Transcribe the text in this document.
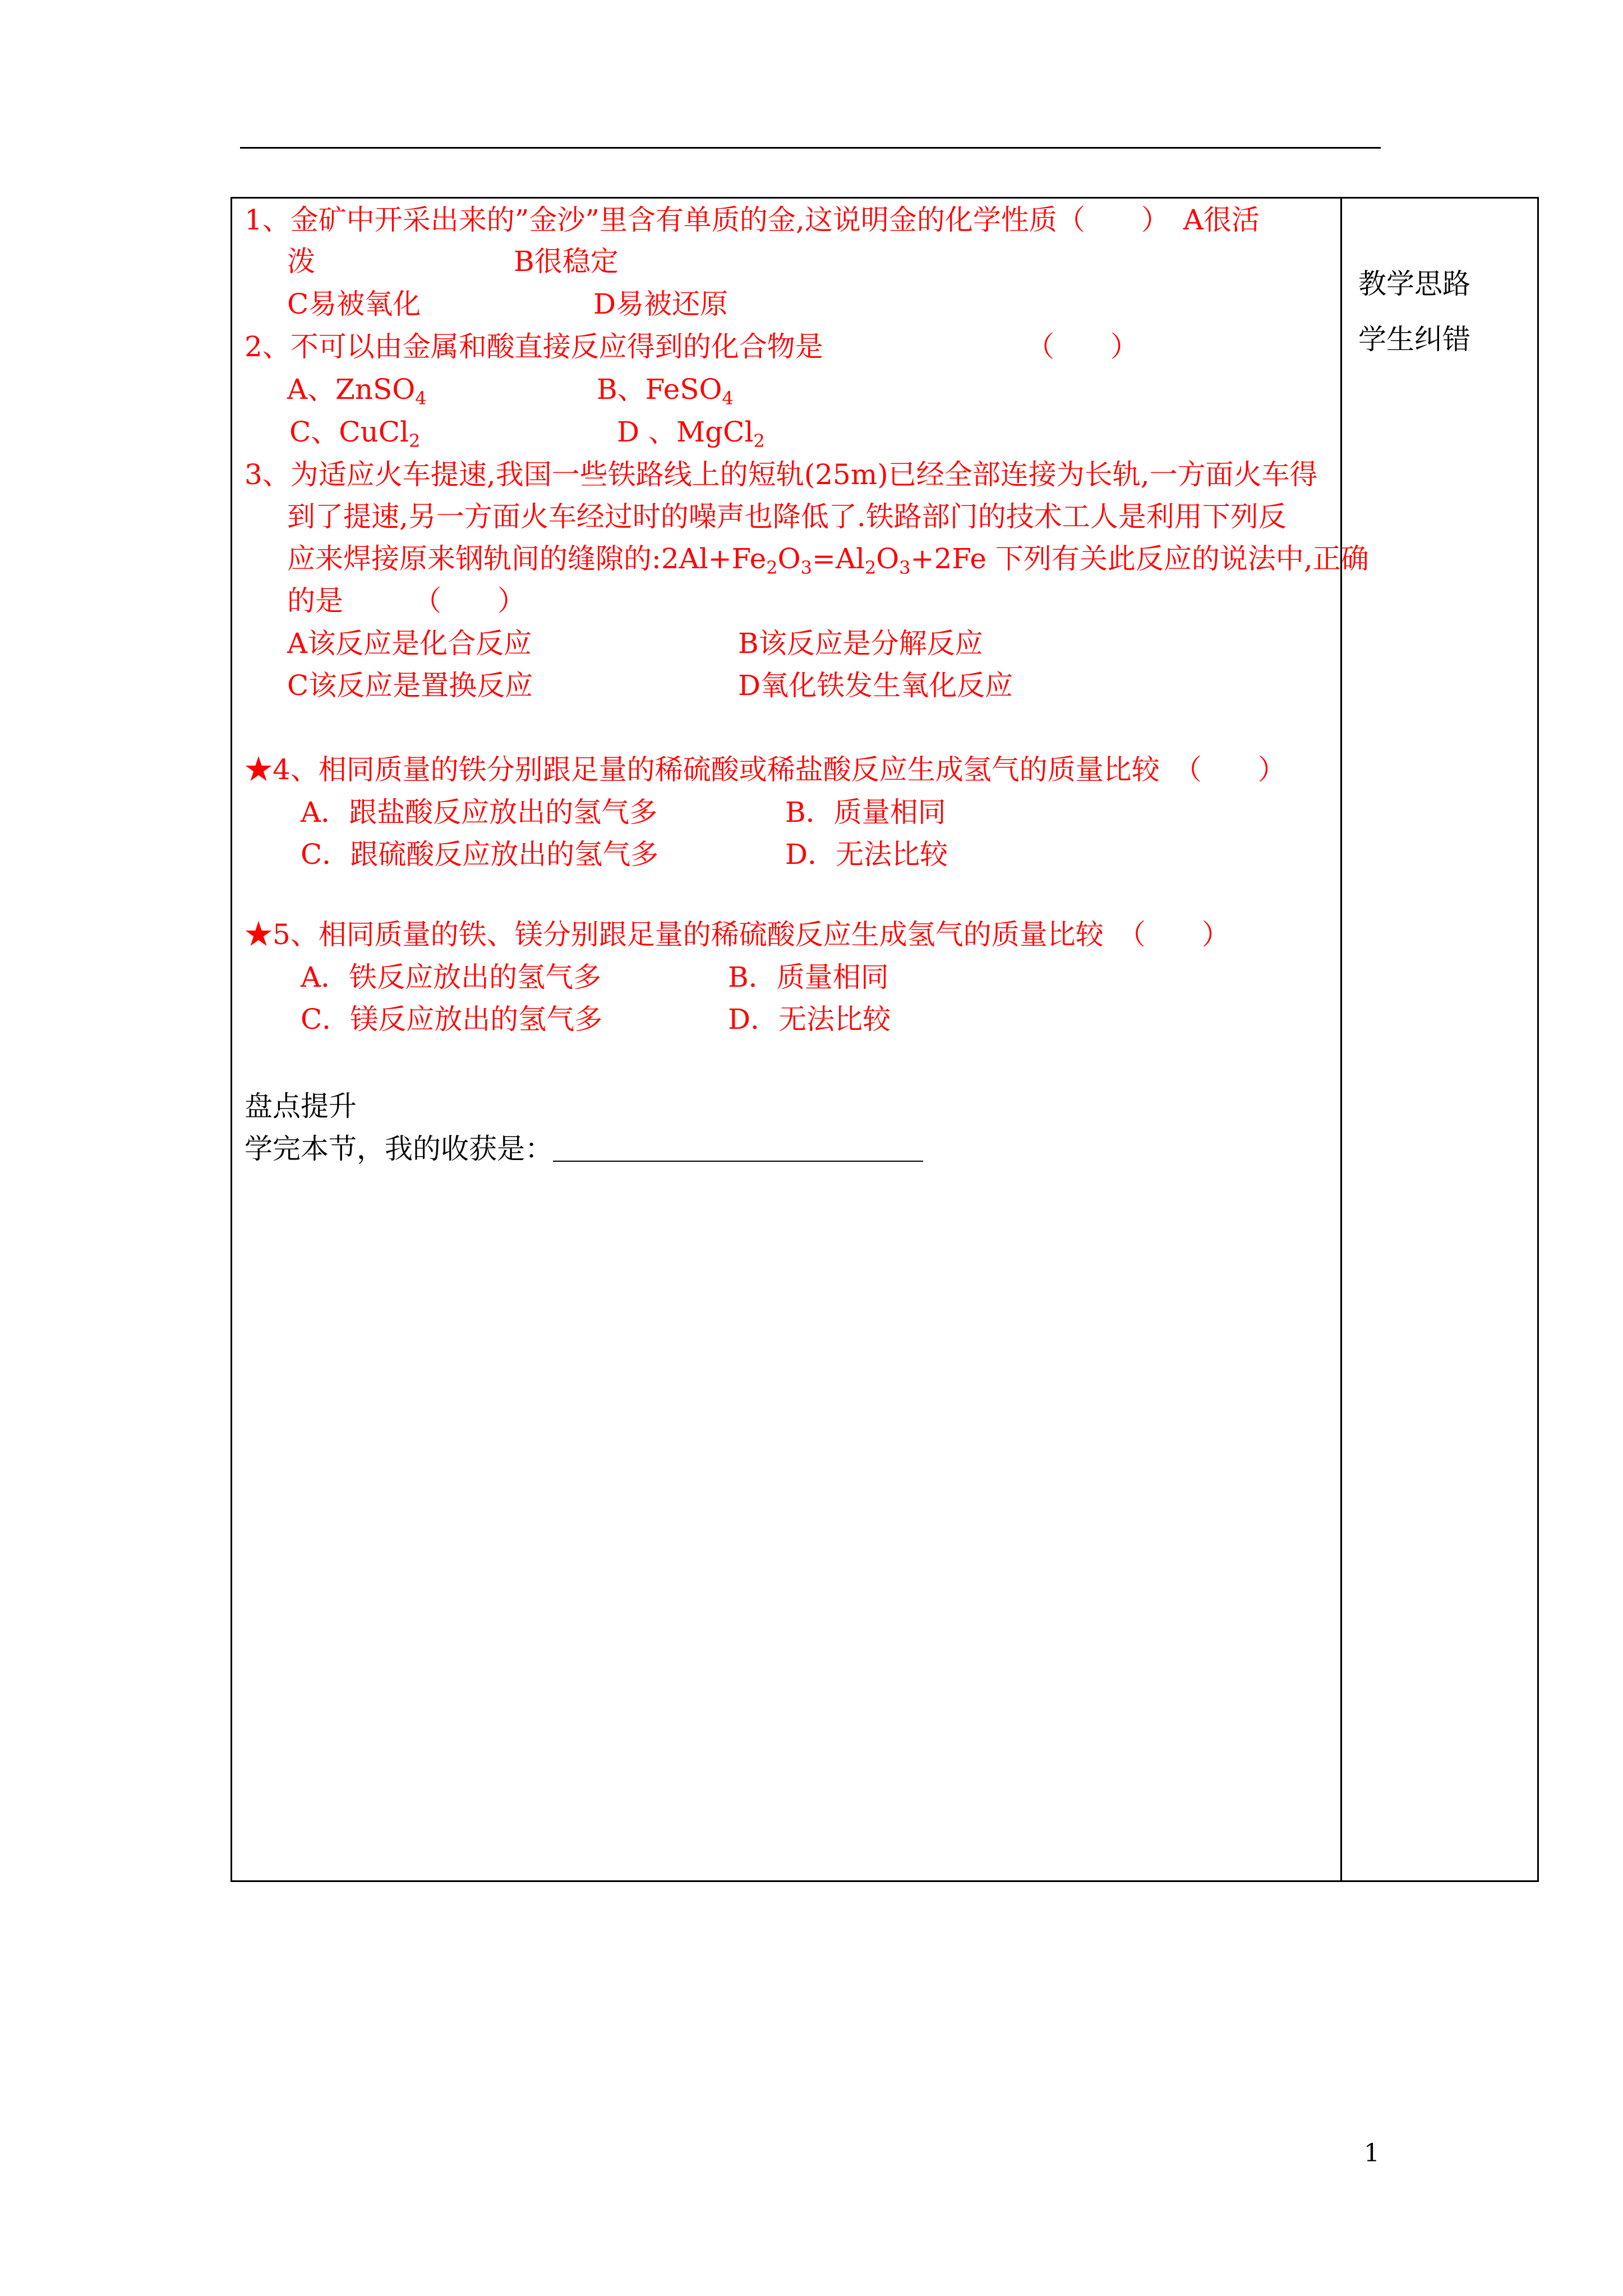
教学思路
学生纠错
1、金矿中开采出来的”金沙”里含有单质的金,这说明金的化学性质（　　）　A很活
泼	B很稳定
C易被氧化	D易被还原
2、不可以由金属和酸直接反应得到的化合物是	（　　）
A、ZnSO$_4$	B、FeSO$_4$
C、CuCl$_2$	D 、MgCl$_2$
3、为适应火车提速,我国一些铁路线上的短轨(25m)已经全部连接为长轨,一方面火车得
到了提速,另一方面火车经过时的噪声也降低了.铁路部门的技术工人是利用下列反
应来焊接原来钢轨间的缝隙的$:2Al+Fe_2O_3=Al_2O_3+2Fe$ 下列有关此反应的说法中,正确
的是　　　（　　）
A该反应是化合反应	B该反应是分解反应
C该反应是置换反应	D氧化铁发生氧化反应
★4、相同质量的铁分别跟足量的稀硫酸或稀盐酸反应生成氢气的质量比较　（　　）
A．跟盐酸反应放出的氢气多	B．质量相同
C．跟硫酸反应放出的氢气多	D．无法比较
★5、相同质量的铁、镁分别跟足量的稀硫酸反应生成氢气的质量比较　（　　）
A．铁反应放出的氢气多	B．质量相同
C．镁反应放出的氢气多	D．无法比较
盘点提升
学完本节，我的收获是：
1
